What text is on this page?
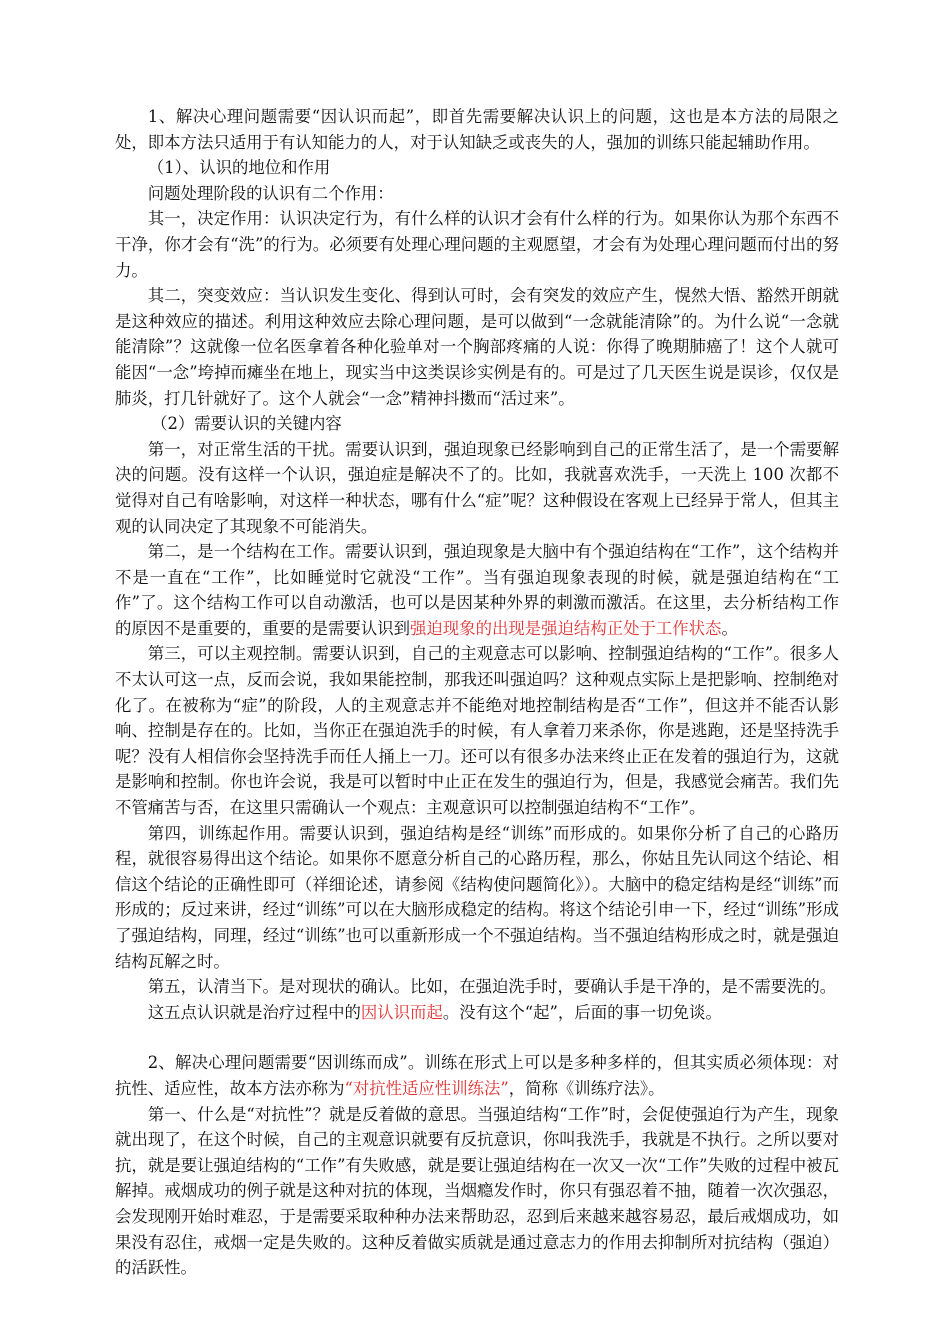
1、解决心理问题需要“因认识而起”，即首先需要解决认识上的问题，这也是本方法的局限之处，即本方法只适用于有认知能力的人，对于认知缺乏或丧失的人，强加的训练只能起辅助作用。

（1）、认识的地位和作用

问题处理阶段的认识有二个作用：

其一，决定作用：认识决定行为，有什么样的认识才会有什么样的行为。如果你认为那个东西不干净，你才会有“洗”的行为。必须要有处理心理问题的主观愿望，才会有为处理心理问题而付出的努力。

其二，突变效应：当认识发生变化、得到认可时，会有突发的效应产生，愰然大悟、豁然开朗就是这种效应的描述。利用这种效应去除心理问题，是可以做到“一念就能清除”的。为什么说“一念就能清除”？这就像一位名医拿着各种化验单对一个胸部疼痛的人说：你得了晚期肺癌了！这个人就可能因“一念”垮掉而瘫坐在地上，现实当中这类误诊实例是有的。可是过了几天医生说是误诊，仅仅是肺炎，打几针就好了。这个人就会“一念”精神抖擞而“活过来”。

（2）需要认识的关键内容

第一，对正常生活的干扰。需要认识到，强迫现象已经影响到自己的正常生活了，是一个需要解决的问题。没有这样一个认识，强迫症是解决不了的。比如，我就喜欢洗手，一天洗上 100 次都不觉得对自己有啥影响，对这样一种状态，哪有什么“症”呢？这种假设在客观上已经异于常人，但其主观的认同决定了其现象不可能消失。

第二，是一个结构在工作。需要认识到，强迫现象是大脑中有个强迫结构在“工作”，这个结构并不是一直在“工作”，比如睡觉时它就没“工作”。当有强迫现象表现的时候，就是强迫结构在“工作”了。这个结构工作可以自动激活，也可以是因某种外界的刺激而激活。在这里，去分析结构工作的原因不是重要的，重要的是需要认识到强迫现象的出现是强迫结构正处于工作状态。

第三，可以主观控制。需要认识到，自己的主观意志可以影响、控制强迫结构的“工作”。很多人不太认可这一点，反而会说，我如果能控制，那我还叫强迫吗？这种观点实际上是把影响、控制绝对化了。在被称为“症”的阶段，人的主观意志并不能绝对地控制结构是否“工作”，但这并不能否认影响、控制是存在的。比如，当你正在强迫洗手的时候，有人拿着刀来杀你，你是逃跑，还是坚持洗手呢？没有人相信你会坚持洗手而任人捅上一刀。还可以有很多办法来终止正在发着的强迫行为，这就是影响和控制。你也许会说，我是可以暂时中止正在发生的强迫行为，但是，我感觉会痛苦。我们先不管痛苦与否，在这里只需确认一个观点：主观意识可以控制强迫结构不“工作”。

第四，训练起作用。需要认识到，强迫结构是经“训练”而形成的。如果你分析了自己的心路历程，就很容易得出这个结论。如果你不愿意分析自己的心路历程，那么，你姑且先认同这个结论、相信这个结论的正确性即可（祥细论述，请参阅《结构使问题简化》）。大脑中的稳定结构是经“训练”而形成的；反过来讲，经过“训练”可以在大脑形成稳定的结构。将这个结论引申一下，经过“训练”形成了强迫结构，同理，经过“训练”也可以重新形成一个不强迫结构。当不强迫结构形成之时，就是强迫结构瓦解之时。

第五，认清当下。是对现状的确认。比如，在强迫洗手时，要确认手是干净的，是不需要洗的。

这五点认识就是治疗过程中的因认识而起。没有这个“起”，后面的事一切免谈。

2、解决心理问题需要“因训练而成”。训练在形式上可以是多种多样的，但其实质必须体现：对抗性、适应性，故本方法亦称为“对抗性适应性训练法”，简称《训练疗法》。

第一、什么是“对抗性”？就是反着做的意思。当强迫结构“工作”时，会促使强迫行为产生，现象就出现了，在这个时候，自己的主观意识就要有反抗意识，你叫我洗手，我就是不执行。之所以要对抗，就是要让强迫结构的“工作”有失败感，就是要让强迫结构在一次又一次“工作”失败的过程中被瓦解掉。戒烟成功的例子就是这种对抗的体现，当烟瘾发作时，你只有强忍着不抽，随着一次次强忍，会发现刚开始时难忍，于是需要采取种种办法来帮助忍，忍到后来越来越容易忍，最后戒烟成功，如果没有忍住，戒烟一定是失败的。这种反着做实质就是通过意志力的作用去抑制所对抗结构（强迫）的活跃性。
